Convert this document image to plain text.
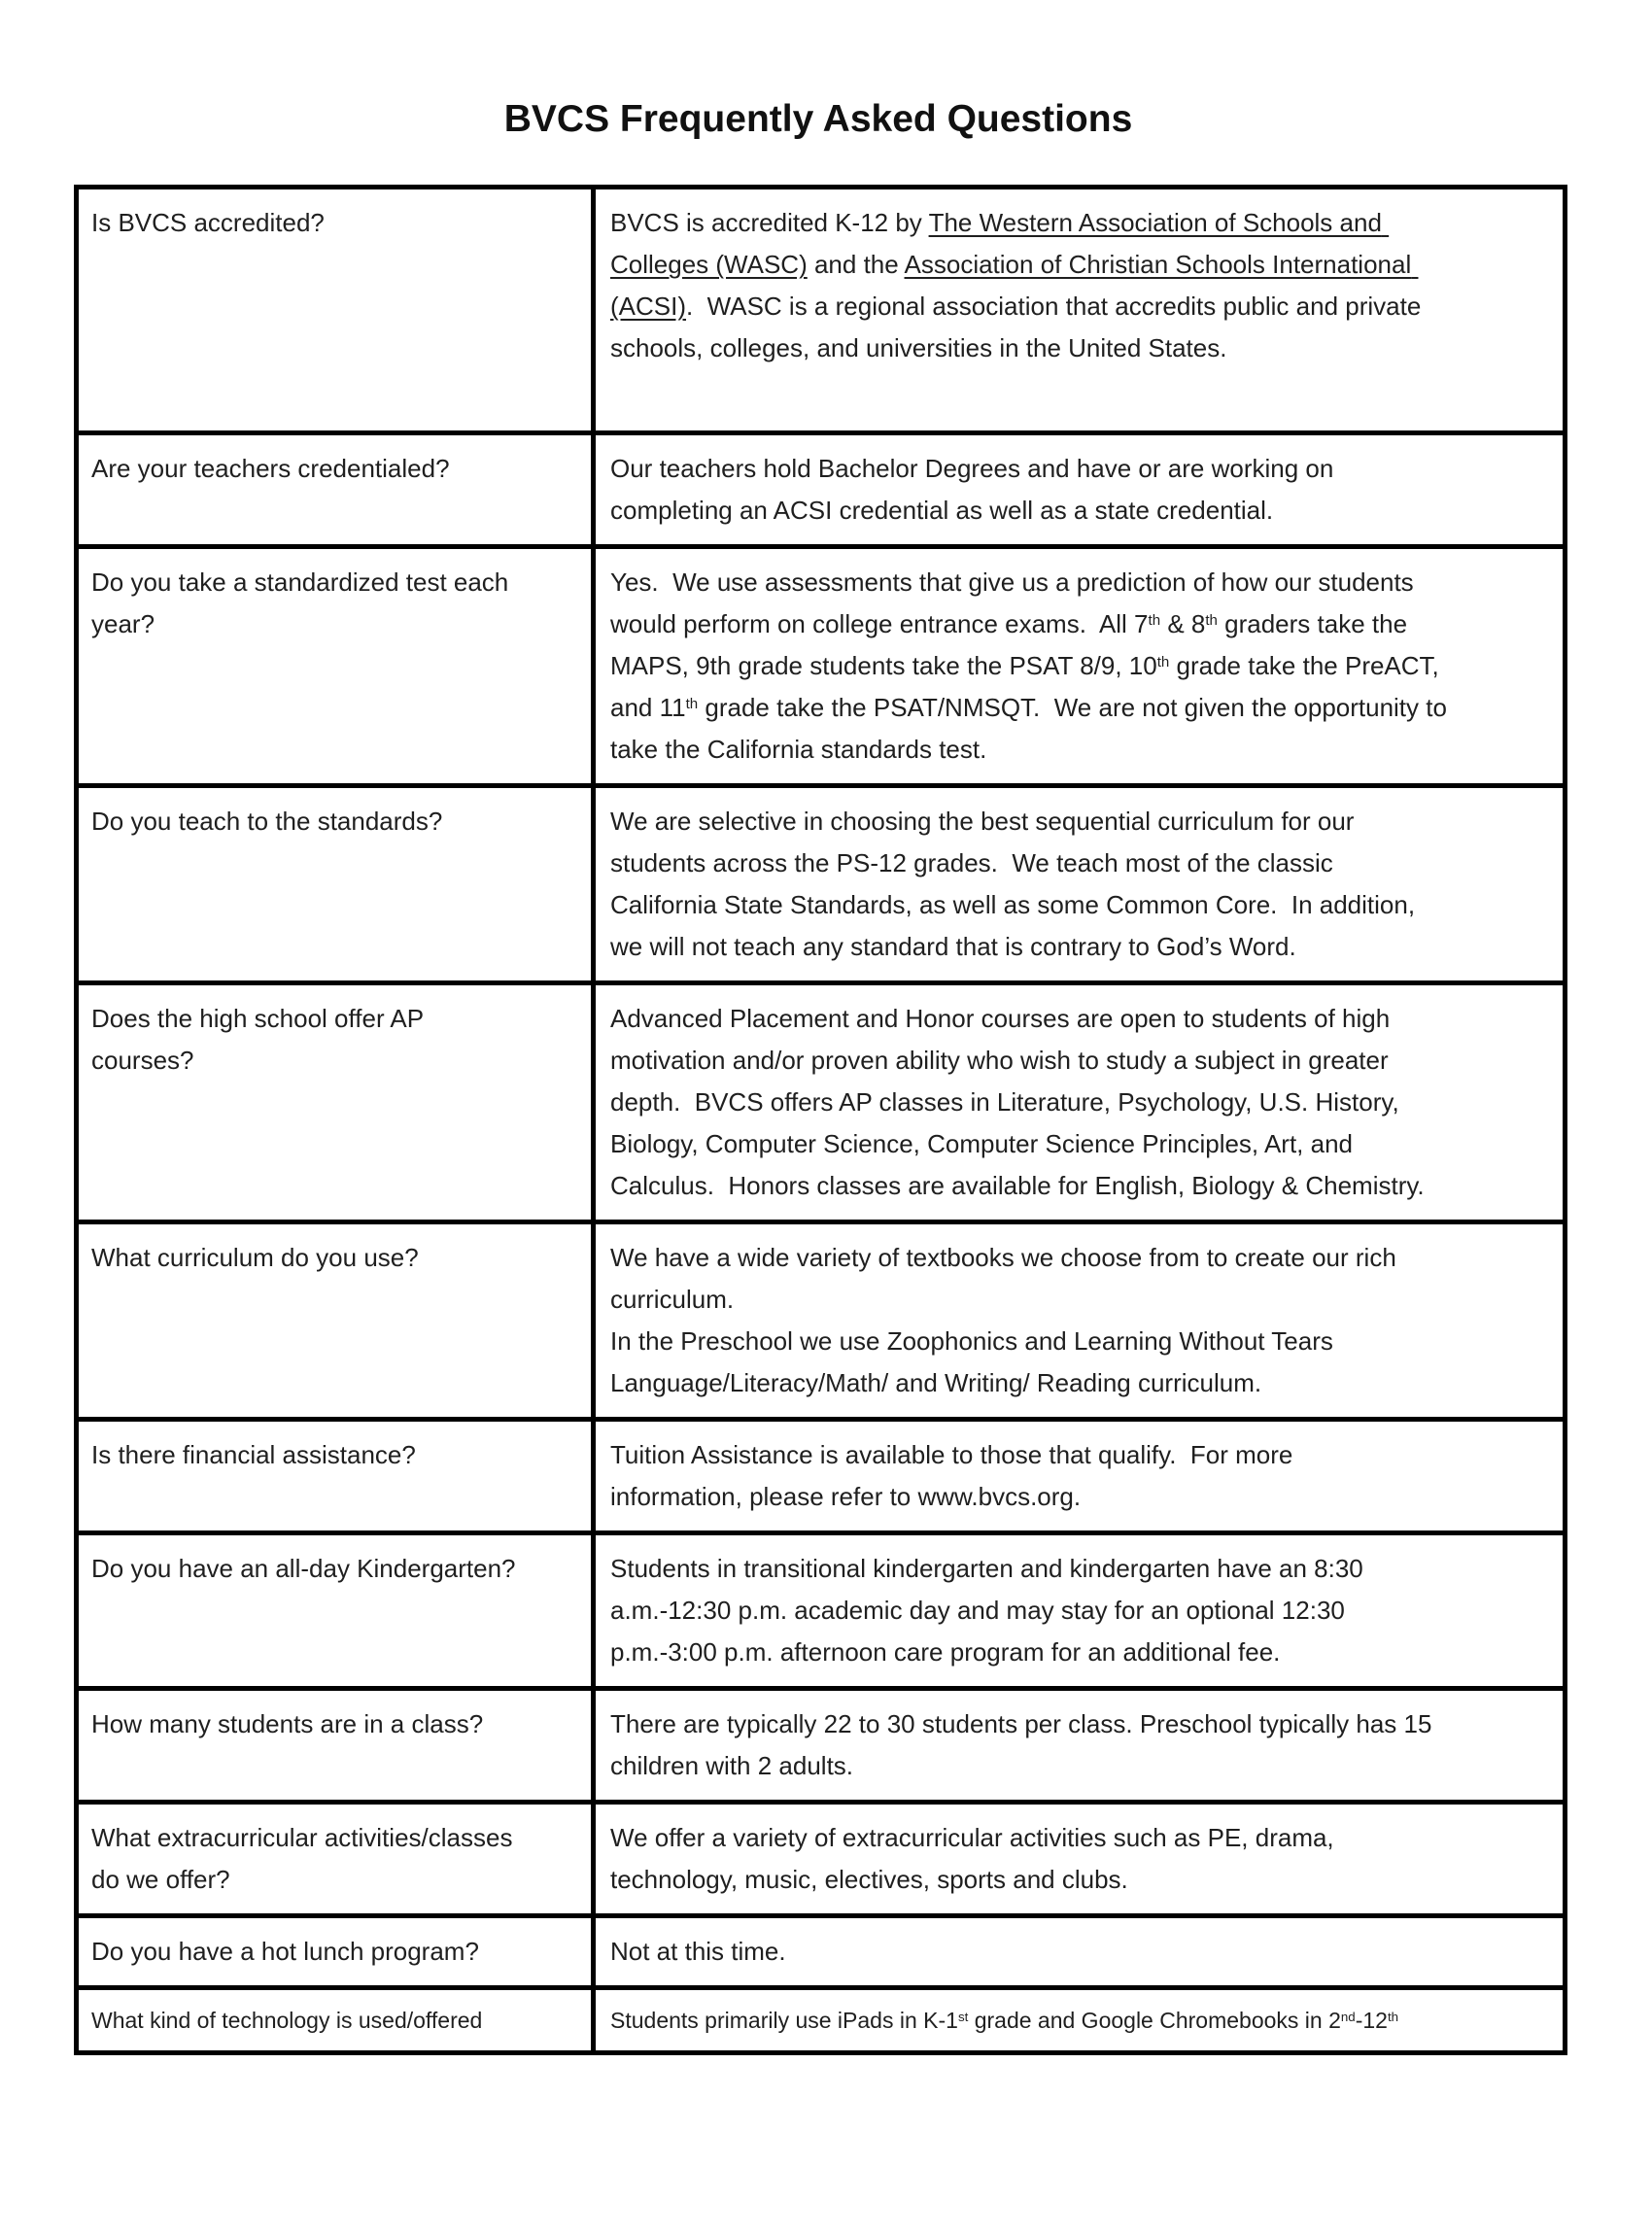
BVCS Frequently Asked Questions
Is BVCS accredited?	BVCS is accredited K-12 by The Western Association of Schools and Colleges (WASC) and the Association of Christian Schools International (ACSI).  WASC is a regional association that accredits public and private schools, colleges, and universities in the United States.
Are your teachers credentialed?	Our teachers hold Bachelor Degrees and have or are working on completing an ACSI credential as well as a state credential.
Do you take a standardized test each year?	Yes.  We use assessments that give us a prediction of how our students would perform on college entrance exams.  All 7th & 8th graders take the MAPS, 9th grade students take the PSAT 8/9, 10th grade take the PreACT, and 11th grade take the PSAT/NMSQT.  We are not given the opportunity to take the California standards test.
Do you teach to the standards?	We are selective in choosing the best sequential curriculum for our students across the PS-12 grades.  We teach most of the classic California State Standards, as well as some Common Core.  In addition, we will not teach any standard that is contrary to God’s Word.
Does the high school offer AP courses?	Advanced Placement and Honor courses are open to students of high motivation and/or proven ability who wish to study a subject in greater depth.  BVCS offers AP classes in Literature, Psychology, U.S. History, Biology, Computer Science, Computer Science Principles, Art, and Calculus.  Honors classes are available for English, Biology & Chemistry.
What curriculum do you use?	We have a wide variety of textbooks we choose from to create our rich curriculum.
In the Preschool we use Zoophonics and Learning Without Tears Language/Literacy/Math/ and Writing/ Reading curriculum.

Is there financial assistance?	Tuition Assistance is available to those that qualify.  For more information, please refer to www.bvcs.org.
Do you have an all-day Kindergarten?	Students in transitional kindergarten and kindergarten have an 8:30 a.m.-12:30 p.m. academic day and may stay for an optional 12:30 p.m.-3:00 p.m. afternoon care program for an additional fee.
How many students are in a class?	There are typically 22 to 30 students per class. Preschool typically has 15 children with 2 adults.
What extracurricular activities/classes do we offer?	We offer a variety of extracurricular activities such as PE, drama, technology, music, electives, sports and clubs.
Do you have a hot lunch program?	Not at this time.
What kind of technology is used/offered	Students primarily use iPads in K-1st grade and Google Chromebooks in 2nd-12th
